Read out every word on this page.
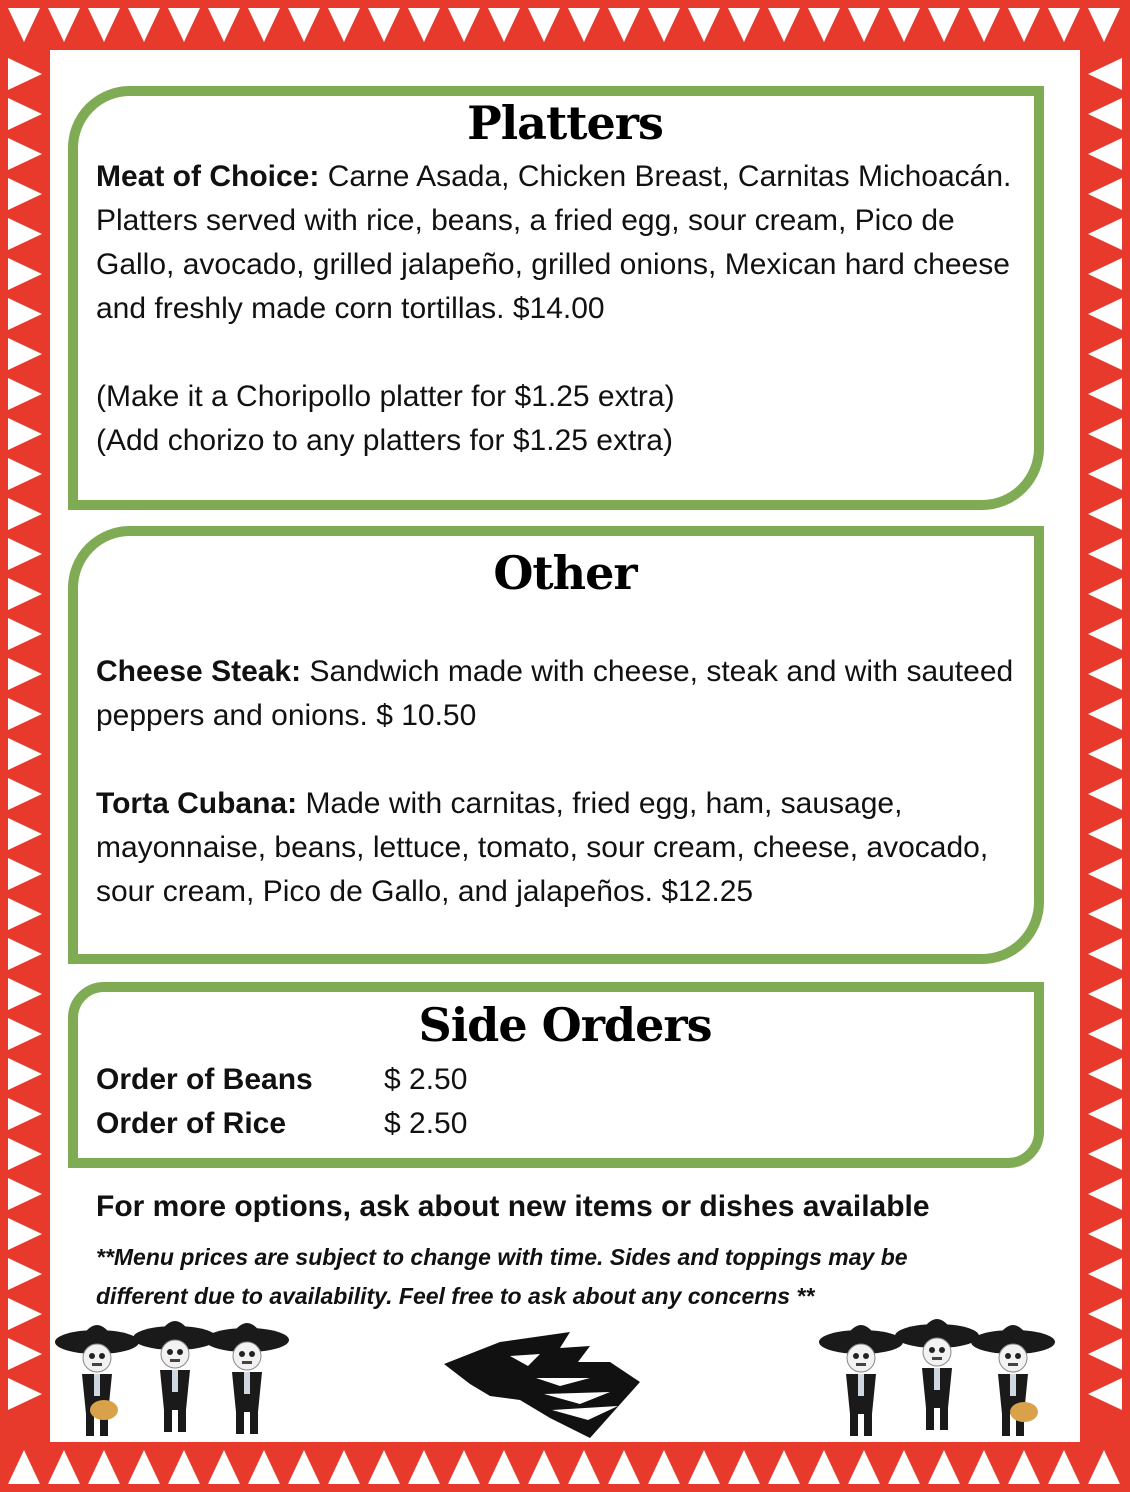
Platters

Meat of Choice: Carne Asada, Chicken Breast, Carnitas Michoacán. Platters served with rice, beans, a fried egg, sour cream, Pico de Gallo, avocado, grilled jalapeño, grilled onions, Mexican hard cheese and freshly made corn tortillas. $14.00

(Make it a Choripollo platter for $1.25 extra)

(Add chorizo to any platters for $1.25 extra)

Other

Cheese Steak: Sandwich made with cheese, steak and with sauteed peppers and onions. $ 10.50

Torta Cubana: Made with carnitas, fried egg, ham, sausage, mayonnaise, beans, lettuce, tomato, sour cream, cheese, avocado, sour cream, Pico de Gallo, and jalapeños. $12.25

Side Orders
Order of Beans $ 2.50
Order of Rice	$ 2.50

For more options, ask about new items or dishes available

**Menu prices are subject to change with time. Sides and toppings may be different due to availability. Feel free to ask about any concerns **
